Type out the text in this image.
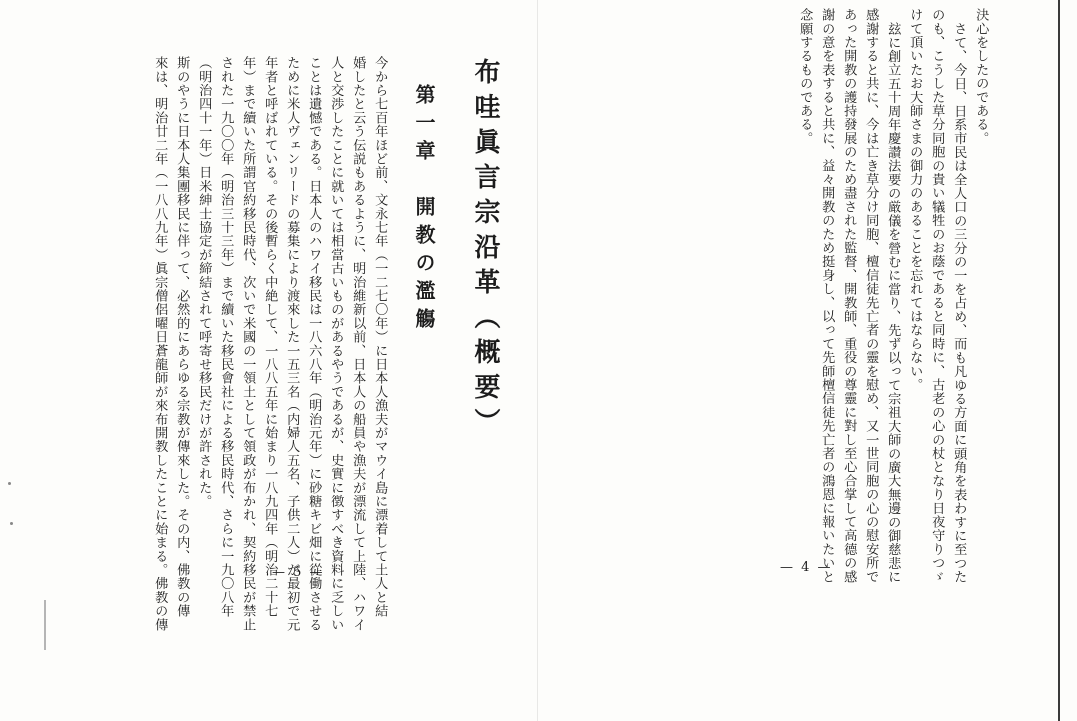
布哇眞言宗沿革（概要）
第一章　開教の濫觴
今から七百年ほど前、文永七年（一二七〇年）に日本人漁夫がマウイ島に漂着して土人と結
婚したと云う伝説もあるように、明治維新以前、日本人の船員や漁夫が漂流して上陸、ハワイ
人と交渉したことに就いては相當古いものがあるやうであるが、史實に徴すべき資料に乏しい
ことは遺憾である。日本人のハワイ移民は一八六八年（明治元年）に砂糖キビ畑に從働させる
ために米人ヴェンリードの募集により渡來した一五三名（内婦人五名、子供二人）が最初で元
年者と呼ばれている。その後暫らく中絶して、一八八五年に始まり一八九四年（明治二十七
年）まで續いた所謂官約移民時代、次いで米國の一領土として領政が布かれ、契約移民が禁止
された一九〇〇年（明治三十三年）まで續いた移民會社による移民時代、さらに一九〇八年
（明治四十一年）日米紳士協定が締結されて呼寄せ移民だけが許された。
斯のやうに日本人集團移民に伴って、必然的にあらゆる宗教が傳來した。その内、佛教の傳
來は、明治廿二年（一八八九年）眞宗僧侶曜日蒼龍師が來布開教したことに始まる。佛教の傳	— 5 —
決心をしたのである。
さて、今日、日系市民は全人口の三分の一を占め、而も凡ゆる方面に頭角を表わすに至つた
のも、こうした草分同胞の貴い犠牲のお蔭であると同時に、古老の心の杖となり日夜守りつゞ
けて頂いたお大師さまの御力のあることを忘れてはならない。
玆に創立五十周年慶讃法要の厳儀を營むに當り、先ず以って宗祖大師の廣大無邊の御慈悲に
感謝すると共に、今は亡き草分け同胞、檀信徒先亡者の靈を慰め、又一世同胞の心の慰安所で
あった開教の護持發展のため盡された監督、開教師、重役の尊靈に對し至心合掌して高德の感
謝の意を表すると共に、益々開教のため挺身し、以って先師檀信徒先亡者の鴻恩に報いたいと
念願するものである。
— 4 —
